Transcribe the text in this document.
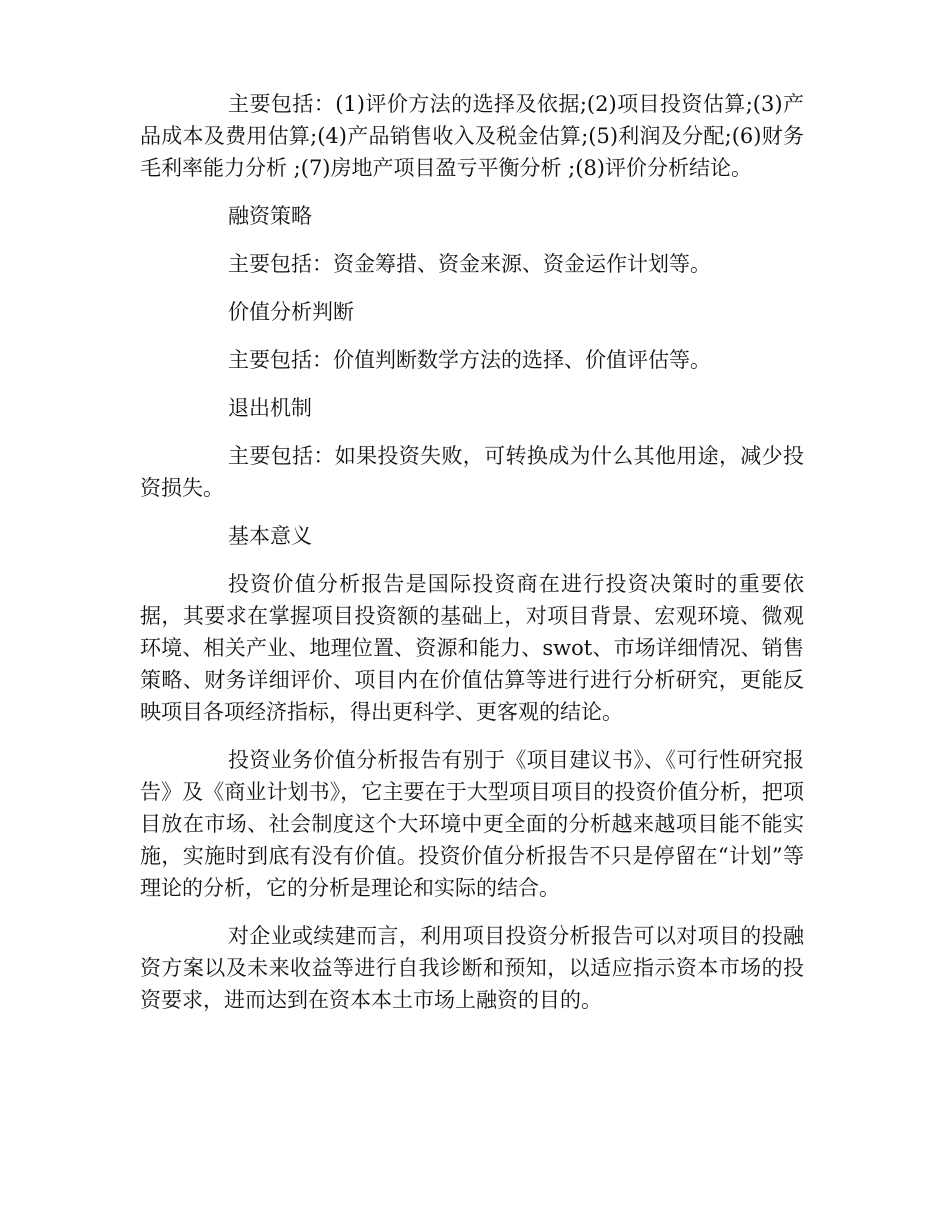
主要包括：(1)评价方法的选择及依据;(2)项目投资估算;(3)产品成本及费用估算;(4)产品销售收入及税金估算;(5)利润及分配;(6)财务毛利率能力分析 ;(7)房地产项目盈亏平衡分析 ;(8)评价分析结论。

融资策略

主要包括：资金筹措、资金来源、资金运作计划等。

价值分析判断

主要包括：价值判断数学方法的选择、价值评估等。

退出机制

主要包括：如果投资失败，可转换成为什么其他用途，减少投资损失。

基本意义

投资价值分析报告是国际投资商在进行投资决策时的重要依据，其要求在掌握项目投资额的基础上，对项目背景、宏观环境、微观环境、相关产业、地理位置、资源和能力、swot、市场详细情况、销售策略、财务详细评价、项目内在价值估算等进行进行分析研究，更能反映项目各项经济指标，得出更科学、更客观的结论。

投资业务价值分析报告有别于《项目建议书》、《可行性研究报告》及《商业计划书》，它主要在于大型项目项目的投资价值分析，把项目放在市场、社会制度这个大环境中更全面的分析越来越项目能不能实施，实施时到底有没有价值。投资价值分析报告不只是停留在“计划”等理论的分析，它的分析是理论和实际的结合。

对企业或续建而言，利用项目投资分析报告可以对项目的投融资方案以及未来收益等进行自我诊断和预知，以适应指示资本市场的投资要求，进而达到在资本本土市场上融资的目的。
